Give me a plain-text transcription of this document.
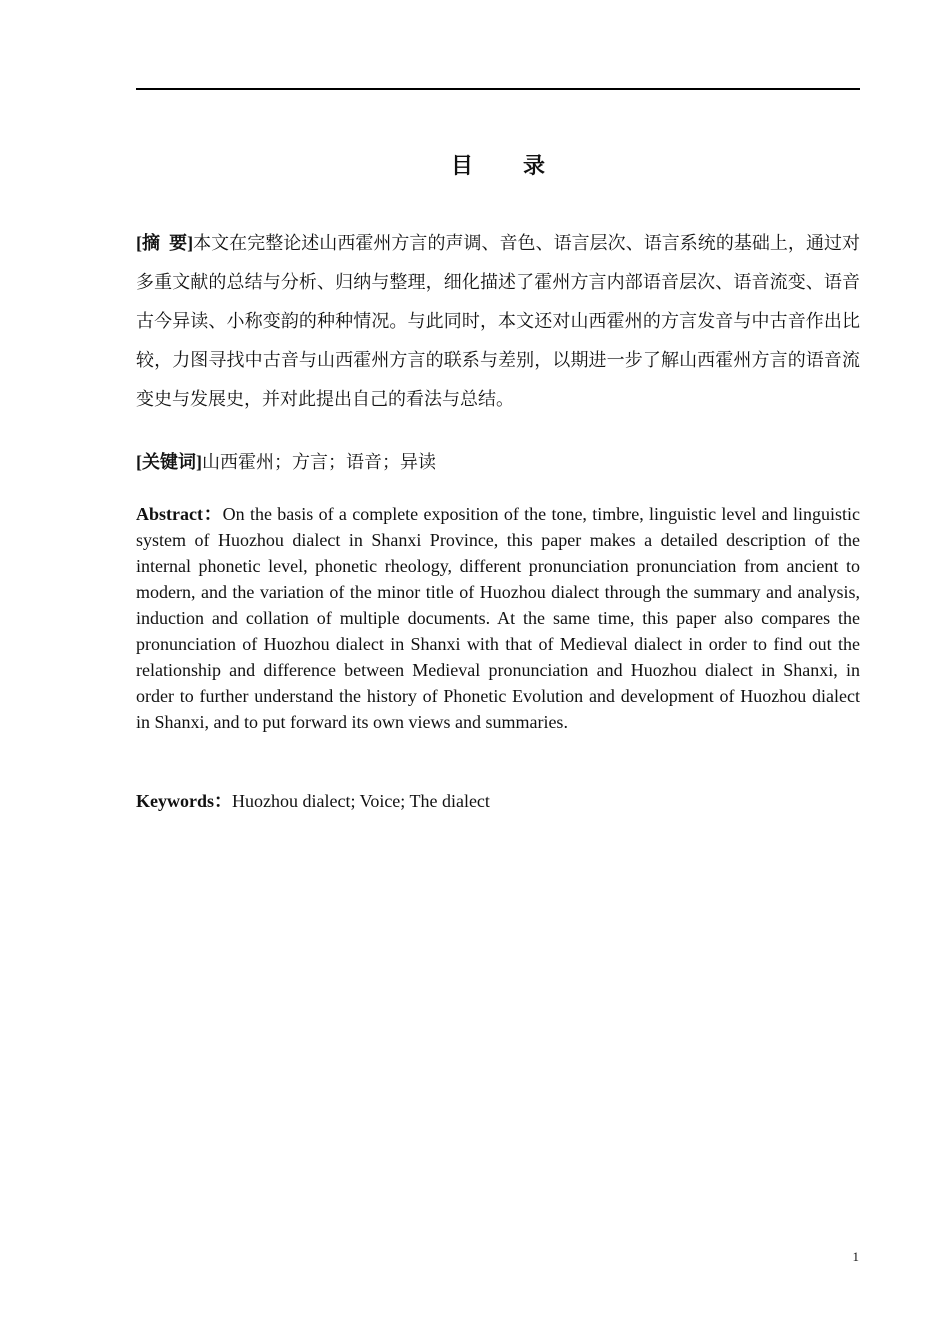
目 录

[摘  要]本文在完整论述山西霍州方言的声调、音色、语言层次、语言系统的基础上，通过对多重文献的总结与分析、归纳与整理，细化描述了霍州方言内部语音层次、语音流变、语音古今异读、小称变韵的种种情况。与此同时，本文还对山西霍州的方言发音与中古音作出比较，力图寻找中古音与山西霍州方言的联系与差别，以期进一步了解山西霍州方言的语音流变史与发展史，并对此提出自己的看法与总结。

[关键词]山西霍州；方言；语音；异读

Abstract：On the basis of a complete exposition of the tone, timbre, linguistic level and linguistic system of Huozhou dialect in Shanxi Province, this paper makes a detailed description of the internal phonetic level, phonetic rheology, different pronunciation pronunciation from ancient to modern, and the variation of the minor title of Huozhou dialect through the summary and analysis, induction and collation of multiple documents. At the same time, this paper also compares the pronunciation of Huozhou dialect in Shanxi with that of Medieval dialect in order to find out the relationship and difference between Medieval pronunciation and Huozhou dialect in Shanxi, in order to further understand the history of Phonetic Evolution and development of Huozhou dialect in Shanxi, and to put forward its own views and summaries.

Keywords：Huozhou dialect; Voice; The dialect

1
